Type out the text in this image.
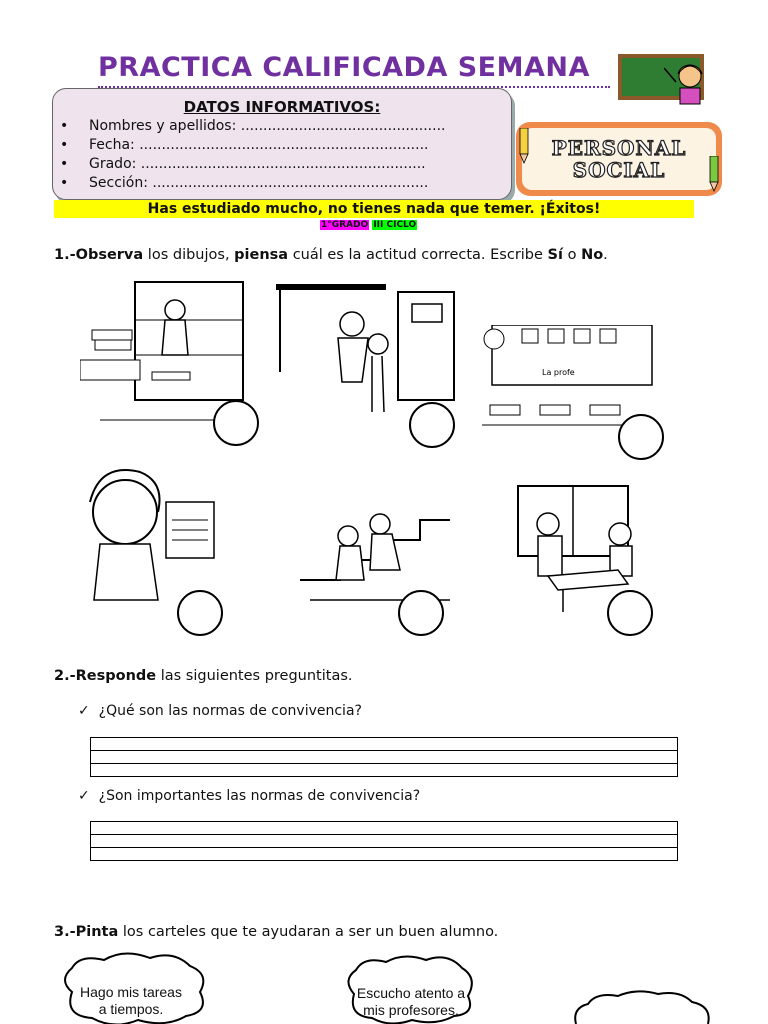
PRACTICA CALIFICADA SEMANA
DATOS INFORMATIVOS:
• Nombres y apellidos: ..............................................
• Fecha: .................................................................
• Grado: ................................................................
• Sección: ..............................................................
PERSONAL
SOCIAL
Has estudiado mucho, no tienes nada que temer. ¡Éxitos!
1°GRADO III CICLO
1.-Observa los dibujos, piensa cuál es la actitud correcta. Escribe Sí o No.
La profe
2.-Responde las siguientes preguntitas.
✓ ¿Qué son las normas de convivencia?
✓ ¿Son importantes las normas de convivencia?
3.-Pinta los carteles que te ayudaran a ser un buen alumno.
Hago mis tareas
a tiempos.
Escucho atento a
mis profesores.
